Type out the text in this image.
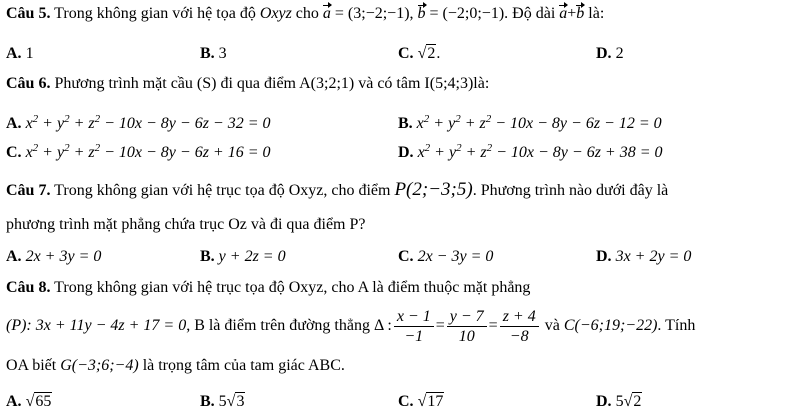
Câu 5. Trong không gian với hệ tọa độ Oxyz cho a = (3;−2;−1), b = (−2;0;−1). Độ dài a+b là:
A. 1	B. 3	C. √2.	D. 2
Câu 6. Phương trình mặt cầu (S) đi qua điểm A(3;2;1) và có tâm I(5;4;3)là:
A. $x^2 + y^2 + z^2 - 10x - 8y - 6z - 32 = 0$	B. $x^2 + y^2 + z^2 - 10x - 8y - 6z - 12 = 0$
C. $x^2 + y^2 + z^2 - 10x - 8y - 6z + 16 = 0$	D. $x^2 + y^2 + z^2 - 10x - 8y - 6z + 38 = 0$
Câu 7. Trong không gian với hệ trục tọa độ Oxyz, cho điểm P(2;−3;5). Phương trình nào dưới đây là
phương trình mặt phẳng chứa trục Oz và đi qua điểm P?
A. 2x + 3y = 0	B. y + 2z = 0	C. 2x − 3y = 0	D. 3x + 2y = 0
Câu 8. Trong không gian với hệ trục tọa độ Oxyz, cho A là điểm thuộc mặt phẳng
(P): 3x + 11y − 4z + 17 = 0, B là điểm trên đường thẳng Δ : $\frac{x - 1}{-1} = \frac{y - 7}{10} = \frac{z + 4}{-8}$ và C(−6;19;−22). Tính
OA biết G(−3;6;−4) là trọng tâm của tam giác ABC.
A. √65	B. 5√3	C. √17	D. 5√2
